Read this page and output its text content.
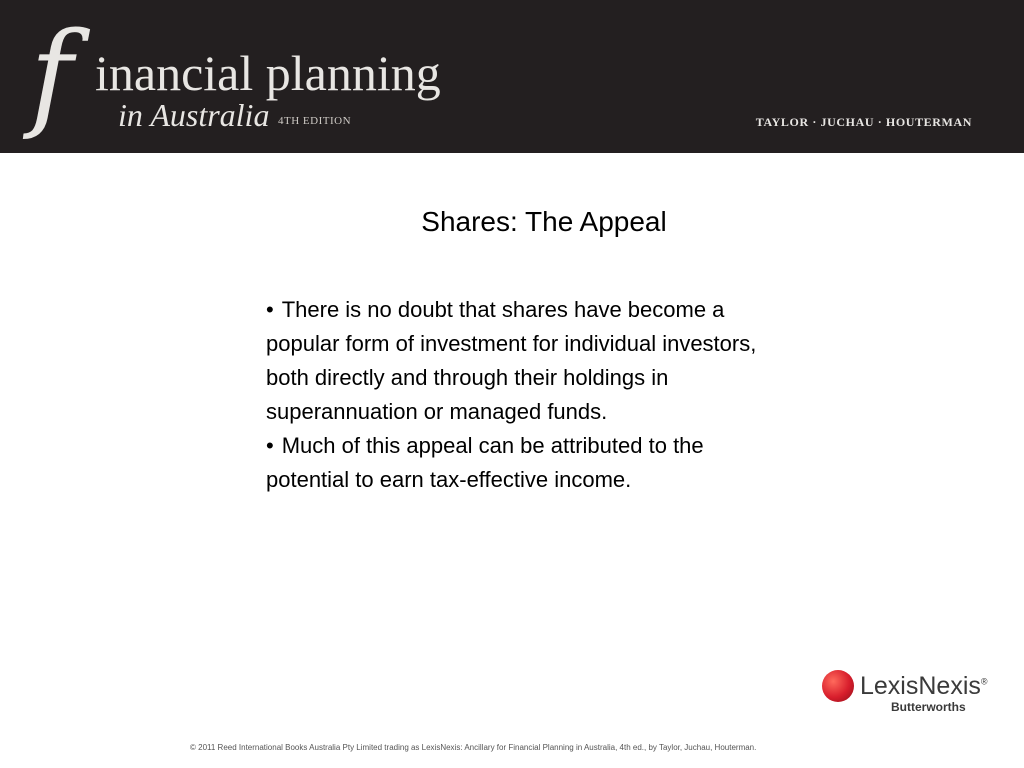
f inancial planning
in Australia 4TH EDITION	TAYLOR · JUCHAU · HOUTERMAN
Shares: The Appeal

• There is no doubt that shares have become a popular form of investment for individual investors, both directly and through their holdings in superannuation or managed funds.

• Much of this appeal can be attributed to the potential to earn tax-effective income.

LexisNexis®
Butterworths
© 2011 Reed International Books Australia Pty Limited trading as LexisNexis: Ancillary for Financial Planning in Australia, 4th ed., by Taylor, Juchau, Houterman.
